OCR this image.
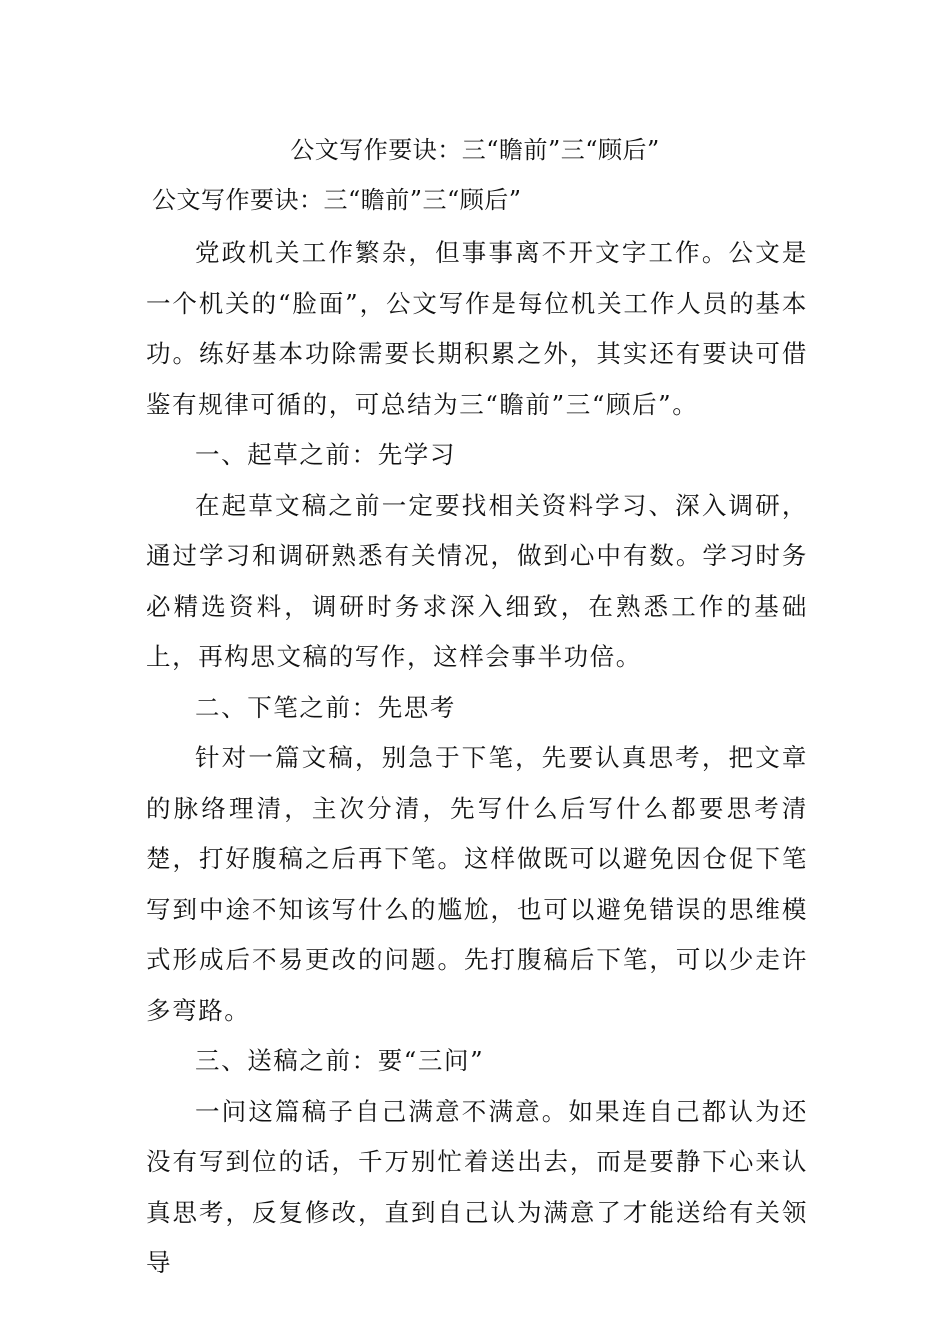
公文写作要诀：三“瞻前”三“顾后”
公文写作要诀：三“瞻前”三“顾后”

党政机关工作繁杂，但事事离不开文字工作。公文是一个机关的“脸面”，公文写作是每位机关工作人员的基本功。练好基本功除需要长期积累之外，其实还有要诀可借鉴有规律可循的，可总结为三“瞻前”三“顾后”。

一、起草之前：先学习

在起草文稿之前一定要找相关资料学习、深入调研，通过学习和调研熟悉有关情况，做到心中有数。学习时务必精选资料，调研时务求深入细致，在熟悉工作的基础上，再构思文稿的写作，这样会事半功倍。

二、下笔之前：先思考

针对一篇文稿，别急于下笔，先要认真思考，把文章的脉络理清，主次分清，先写什么后写什么都要思考清楚，打好腹稿之后再下笔。这样做既可以避免因仓促下笔写到中途不知该写什么的尴尬，也可以避免错误的思维模式形成后不易更改的问题。先打腹稿后下笔，可以少走许多弯路。

三、送稿之前：要“三问”

一问这篇稿子自己满意不满意。如果连自己都认为还没有写到位的话，千万别忙着送出去，而是要静下心来认真思考，反复修改，直到自己认为满意了才能送给有关领导
